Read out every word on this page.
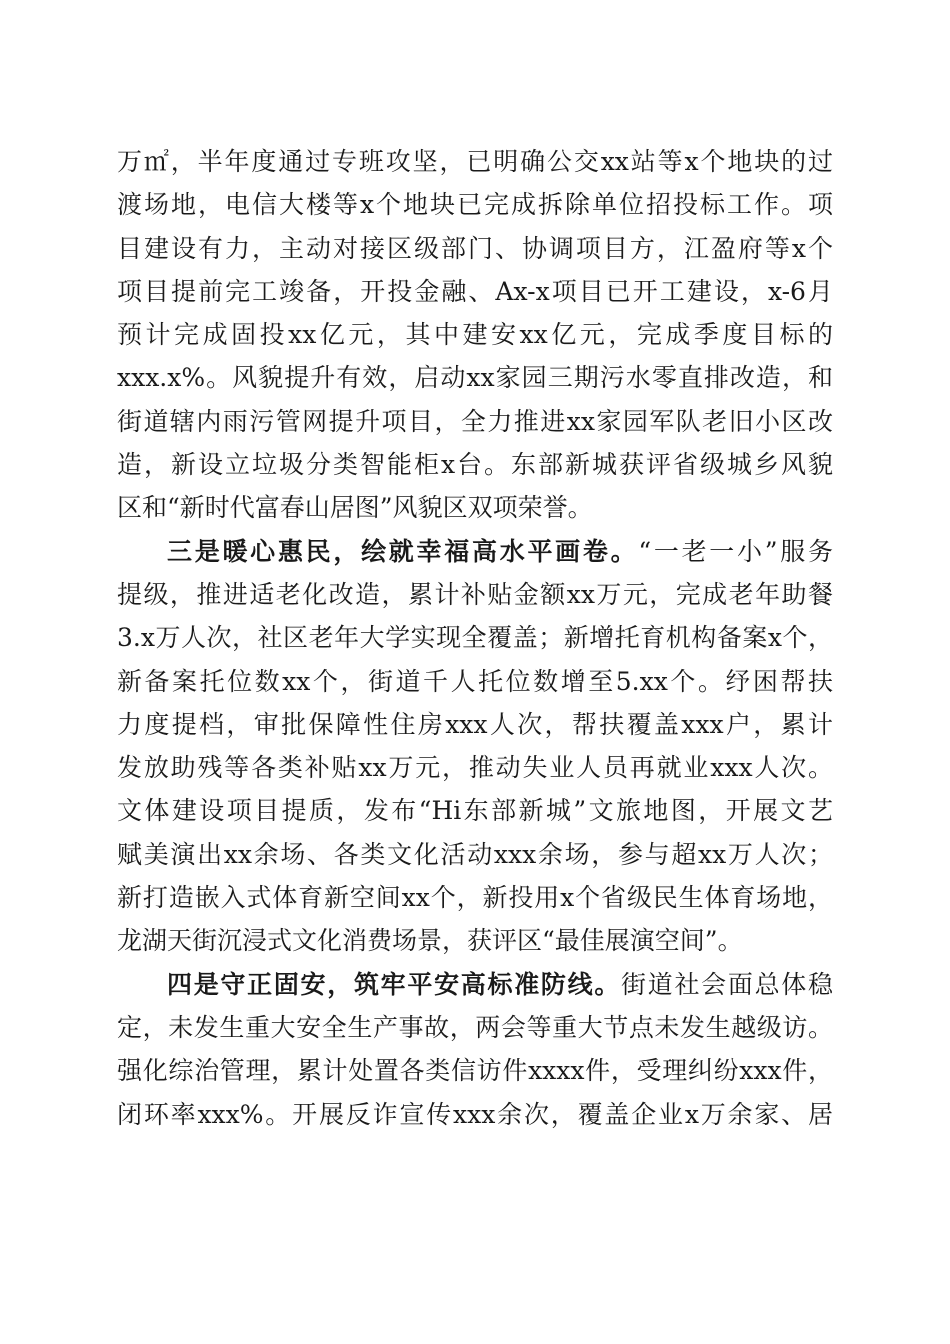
万㎡，半年度通过专班攻坚，已明确公交xx站等x个地块的过
渡场地，电信大楼等x个地块已完成拆除单位招投标工作。项
目建设有力，主动对接区级部门、协调项目方，江盈府等x个
项目提前完工竣备，开投金融、Ax-x项目已开工建设，x-6月
预计完成固投xx亿元，其中建安xx亿元，完成季度目标的
xxx.x%。风貌提升有效，启动xx家园三期污水零直排改造，和
街道辖内雨污管网提升项目，全力推进xx家园军队老旧小区改
造，新设立垃圾分类智能柜x台。东部新城获评省级城乡风貌
区和“新时代富春山居图”风貌区双项荣誉。
三是暖心惠民，绘就幸福高水平画卷。“一老一小”服务
提级，推进适老化改造，累计补贴金额xx万元，完成老年助餐
3.x万人次，社区老年大学实现全覆盖；新增托育机构备案x个，
新备案托位数xx个，街道千人托位数增至5.xx个。纾困帮扶
力度提档，审批保障性住房xxx人次，帮扶覆盖xxx户，累计
发放助残等各类补贴xx万元，推动失业人员再就业xxx人次。
文体建设项目提质，发布“Hi东部新城”文旅地图，开展文艺
赋美演出xx余场、各类文化活动xxx余场，参与超xx万人次；
新打造嵌入式体育新空间xx个，新投用x个省级民生体育场地，
龙湖天街沉浸式文化消费场景，获评区“最佳展演空间”。
四是守正固安，筑牢平安高标准防线。街道社会面总体稳
定，未发生重大安全生产事故，两会等重大节点未发生越级访。
强化综治管理，累计处置各类信访件xxxx件，受理纠纷xxx件，
闭环率xxx%。开展反诈宣传xxx余次，覆盖企业x万余家、居
